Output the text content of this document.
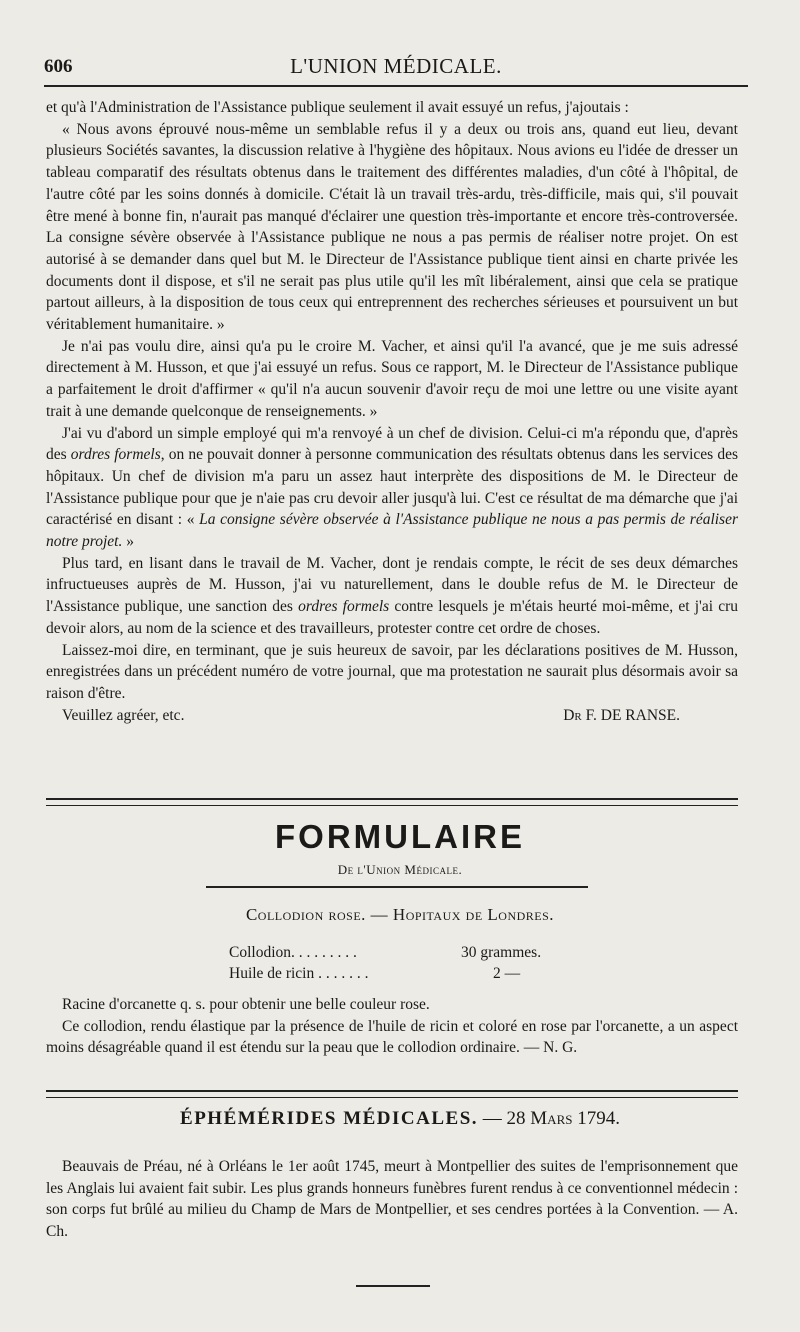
606	L'UNION MÉDICALE.

et qu'à l'Administration de l'Assistance publique seulement il avait essuyé un refus, j'ajoutais :

« Nous avons éprouvé nous-même un semblable refus il y a deux ou trois ans, quand eut lieu, devant plusieurs Sociétés savantes, la discussion relative à l'hygiène des hôpitaux. Nous avions eu l'idée de dresser un tableau comparatif des résultats obtenus dans le traitement des différentes maladies, d'un côté à l'hôpital, de l'autre côté par les soins donnés à domicile. C'était là un travail très-ardu, très-difficile, mais qui, s'il pouvait être mené à bonne fin, n'aurait pas manqué d'éclairer une question très-importante et encore très-controversée. La consigne sévère observée à l'Assistance publique ne nous a pas permis de réaliser notre projet. On est autorisé à se demander dans quel but M. le Directeur de l'Assistance publique tient ainsi en charte privée les documents dont il dispose, et s'il ne serait pas plus utile qu'il les mît libéralement, ainsi que cela se pratique partout ailleurs, à la disposition de tous ceux qui entreprennent des recherches sérieuses et poursuivent un but véritablement humanitaire. »

Je n'ai pas voulu dire, ainsi qu'a pu le croire M. Vacher, et ainsi qu'il l'a avancé, que je me suis adressé directement à M. Husson, et que j'ai essuyé un refus. Sous ce rapport, M. le Directeur de l'Assistance publique a parfaitement le droit d'affirmer « qu'il n'a aucun souvenir d'avoir reçu de moi une lettre ou une visite ayant trait à une demande quelconque de renseignements. »

J'ai vu d'abord un simple employé qui m'a renvoyé à un chef de division. Celui-ci m'a répondu que, d'après des ordres formels, on ne pouvait donner à personne communication des résultats obtenus dans les services des hôpitaux. Un chef de division m'a paru un assez haut interprète des dispositions de M. le Directeur de l'Assistance publique pour que je n'aie pas cru devoir aller jusqu'à lui. C'est ce résultat de ma démarche que j'ai caractérisé en disant : « La consigne sévère observée à l'Assistance publique ne nous a pas permis de réaliser notre projet. »

Plus tard, en lisant dans le travail de M. Vacher, dont je rendais compte, le récit de ses deux démarches infructueuses auprès de M. Husson, j'ai vu naturellement, dans le double refus de M. le Directeur de l'Assistance publique, une sanction des ordres formels contre lesquels je m'étais heurté moi-même, et j'ai cru devoir alors, au nom de la science et des travailleurs, protester contre cet ordre de choses.

Laissez-moi dire, en terminant, que je suis heureux de savoir, par les déclarations positives de M. Husson, enregistrées dans un précédent numéro de votre journal, que ma protestation ne saurait plus désormais avoir sa raison d'être.

Veuillez agréer, etc.	Dr F. DE RANSE.
FORMULAIRE
De l'Union Médicale.
Collodion rose. — Hopitaux de Londres.
Collodion. . . . . . . . .	30 grammes.
Huile de ricin . . . . . . .	2 —

Racine d'orcanette q. s. pour obtenir une belle couleur rose.

Ce collodion, rendu élastique par la présence de l'huile de ricin et coloré en rose par l'orcanette, a un aspect moins désagréable quand il est étendu sur la peau que le collodion ordinaire. — N. G.

ÉPHÉMÉRIDES MÉDICALES. — 28 Mars 1794.

Beauvais de Préau, né à Orléans le 1er août 1745, meurt à Montpellier des suites de l'emprisonnement que les Anglais lui avaient fait subir. Les plus grands honneurs funèbres furent rendus à ce conventionnel médecin : son corps fut brûlé au milieu du Champ de Mars de Montpellier, et ses cendres portées à la Convention. — A. Ch.
